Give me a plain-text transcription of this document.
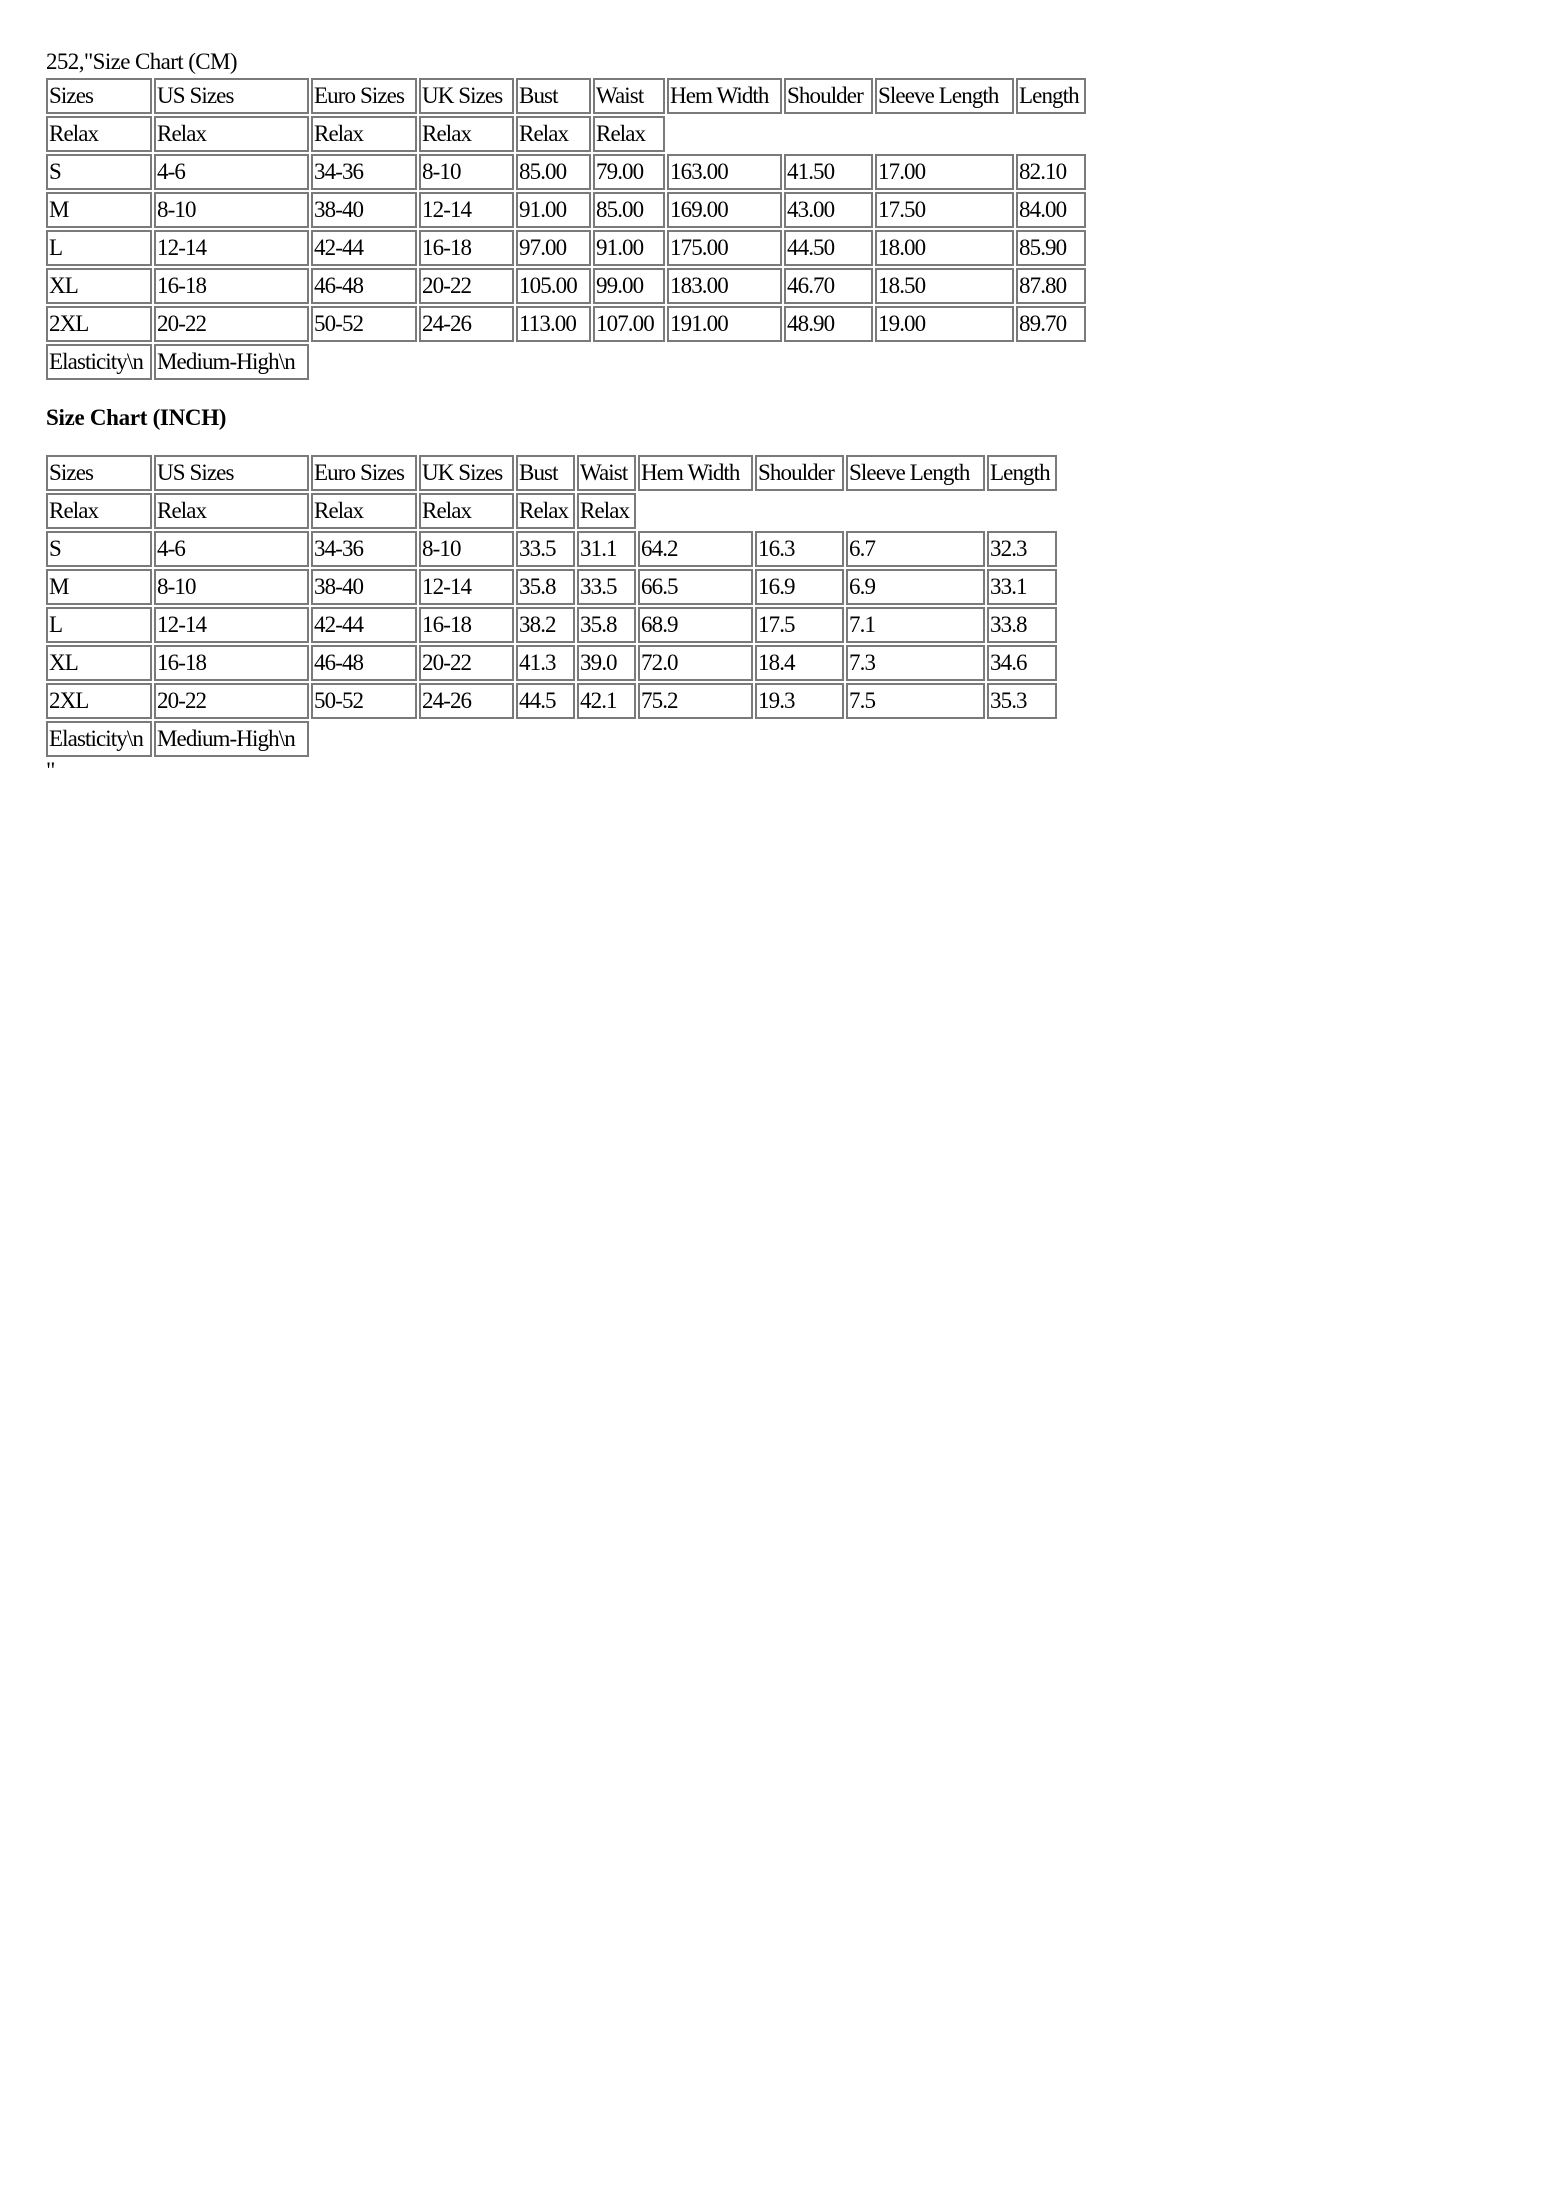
252,"Size Chart (CM)
Sizes	US Sizes	Euro Sizes	UK Sizes	Bust	Waist	Hem Width	Shoulder	Sleeve Length	Length
Relax	Relax	Relax	Relax	Relax	Relax				
S	4-6	34-36	8-10	85.00	79.00	163.00	41.50	17.00	82.10
M	8-10	38-40	12-14	91.00	85.00	169.00	43.00	17.50	84.00
L	12-14	42-44	16-18	97.00	91.00	175.00	44.50	18.00	85.90
XL	16-18	46-48	20-22	105.00	99.00	183.00	46.70	18.50	87.80
2XL	20-22	50-52	24-26	113.00	107.00	191.00	48.90	19.00	89.70
Elasticity\n	Medium-High\n								
Size Chart (INCH)
Sizes	US Sizes	Euro Sizes	UK Sizes	Bust	Waist	Hem Width	Shoulder	Sleeve Length	Length
Relax	Relax	Relax	Relax	Relax	Relax				
S	4-6	34-36	8-10	33.5	31.1	64.2	16.3	6.7	32.3
M	8-10	38-40	12-14	35.8	33.5	66.5	16.9	6.9	33.1
L	12-14	42-44	16-18	38.2	35.8	68.9	17.5	7.1	33.8
XL	16-18	46-48	20-22	41.3	39.0	72.0	18.4	7.3	34.6
2XL	20-22	50-52	24-26	44.5	42.1	75.2	19.3	7.5	35.3
Elasticity\n	Medium-High\n								
"
